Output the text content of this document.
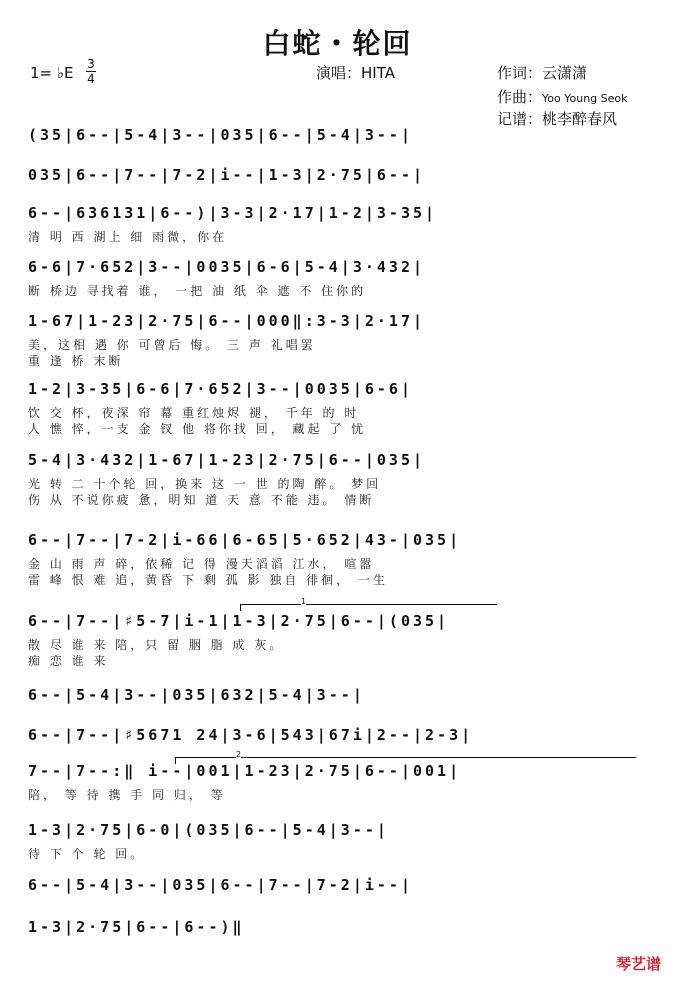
白蛇・轮回
1= ♭E 3
4	演唱：HITA	作词：云潇潇
作曲：Yoo Young Seok
记谱：桃李醉春风
(35|6--|5-4|3--|035|6--|5-4|3--|
035|6--|7--|7-2|i--|1-3|2·75|6--|
6--|636131|6--)|3-3|2·17|1-2|3-35|
清 明 西 湖上 细 雨微，你在
6-6|7·652|3--|0035|6-6|5-4|3·432|
断 桥边 寻找着 谁， 一把 油 纸 伞 遮 不 住你的
1-67|1-23|2·75|6--|000‖:3-3|2·17|
美，这相 遇 你 可曾后 悔。 三 声 礼唱罢
重 逢 桥 末断
1-2|3-35|6-6|7·652|3--|0035|6-6|
饮 交 杯，夜深 帘 幕 重红烛烬 褪， 千年 的 时
人 憔 悴，一支 金 钗 他 将你找 回， 藏起 了 忧
5-4|3·432|1-67|1-23|2·75|6--|035|
光 转 二 十个轮 回，换来 这 一 世 的陶 醉。 梦回
伤 从 不说你疲 惫，明知 道 天 意 不能 违。 情断
6--|7--|7-2|i-66|6-65|5·652|43-|035|
金 山 雨 声 碎，依稀 记 得 漫天滔滔 江水， 喧嚣
雷 峰 恨 难 追，黄昏 下 剩 孤 影 独自 徘徊， 一生
6--|7--|♯5-7|i-1|1-3|2·75|6--|(035|
散 尽 谁 来 陪，只 留 胭 脂 成 灰。
痴 恋 谁 来
6--|5-4|3--|035|632|5-4|3--|
6--|7--|♯5671 24|3-6|543|67i|2--|2-3|
7--|7--:‖ i--|001|1-23|2·75|6--|001|
陪， 等 待 携 手 同 归， 等
1-3|2·75|6-0|(035|6--|5-4|3--|
待 下 个 轮 回。
6--|5-4|3--|035|6--|7--|7-2|i--|
1-3|2·75|6--|6--)‖
1
2
琴艺谱
